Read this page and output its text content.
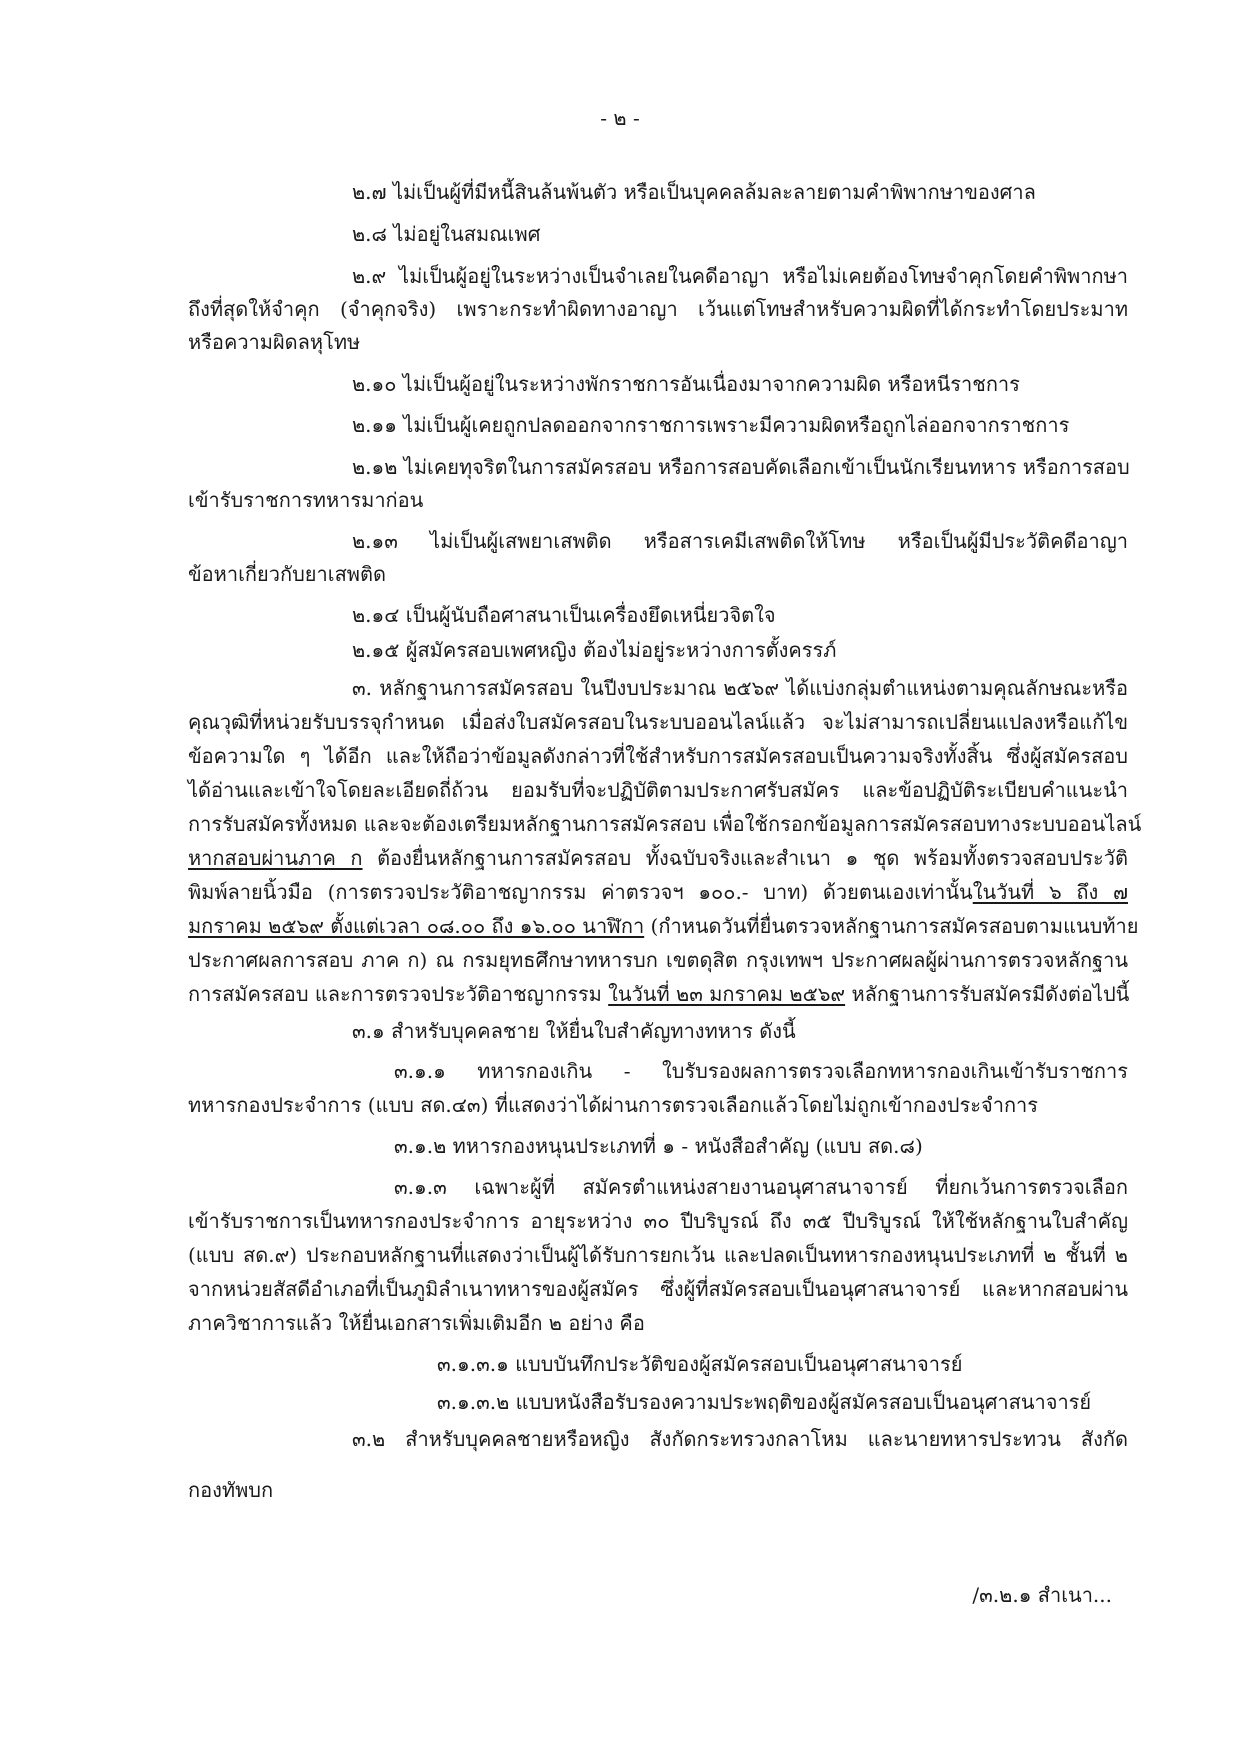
- ๒ -
๒.๗ ไม่เป็นผู้ที่มีหนี้สินล้นพ้นตัว หรือเป็นบุคคลล้มละลายตามคำพิพากษาของศาล
๒.๘ ไม่อยู่ในสมณเพศ
๒.๙ ไม่เป็นผู้อยู่ในระหว่างเป็นจำเลยในคดีอาญา หรือไม่เคยต้องโทษจำคุกโดยคำพิพากษา
ถึงที่สุดให้จำคุก (จำคุกจริง) เพราะกระทำผิดทางอาญา เว้นแต่โทษสำหรับความผิดที่ได้กระทำโดยประมาท
หรือความผิดลหุโทษ
๒.๑๐ ไม่เป็นผู้อยู่ในระหว่างพักราชการอันเนื่องมาจากความผิด หรือหนีราชการ
๒.๑๑ ไม่เป็นผู้เคยถูกปลดออกจากราชการเพราะมีความผิดหรือถูกไล่ออกจากราชการ
๒.๑๒ ไม่เคยทุจริตในการสมัครสอบ หรือการสอบคัดเลือกเข้าเป็นนักเรียนทหาร หรือการสอบ
เข้ารับราชการทหารมาก่อน
๒.๑๓ ไม่เป็นผู้เสพยาเสพติด หรือสารเคมีเสพติดให้โทษ หรือเป็นผู้มีประวัติคดีอาญา
ข้อหาเกี่ยวกับยาเสพติด
๒.๑๔ เป็นผู้นับถือศาสนาเป็นเครื่องยึดเหนี่ยวจิตใจ
๒.๑๕ ผู้สมัครสอบเพศหญิง ต้องไม่อยู่ระหว่างการตั้งครรภ์
๓. หลักฐานการสมัครสอบ ในปีงบประมาณ ๒๕๖๙ ได้แบ่งกลุ่มตำแหน่งตามคุณลักษณะหรือ
คุณวุฒิที่หน่วยรับบรรจุกำหนด เมื่อส่งใบสมัครสอบในระบบออนไลน์แล้ว จะไม่สามารถเปลี่ยนแปลงหรือแก้ไข
ข้อความใด ๆ ได้อีก และให้ถือว่าข้อมูลดังกล่าวที่ใช้สำหรับการสมัครสอบเป็นความจริงทั้งสิ้น ซึ่งผู้สมัครสอบ
ได้อ่านและเข้าใจโดยละเอียดถี่ถ้วน ยอมรับที่จะปฏิบัติตามประกาศรับสมัคร และข้อปฏิบัติระเบียบคำแนะนำ
การรับสมัครทั้งหมด และจะต้องเตรียมหลักฐานการสมัครสอบ เพื่อใช้กรอกข้อมูลการสมัครสอบทางระบบออนไลน์
หากสอบผ่านภาค ก ต้องยื่นหลักฐานการสมัครสอบ ทั้งฉบับจริงและสำเนา ๑ ชุด พร้อมทั้งตรวจสอบประวัติ
พิมพ์ลายนิ้วมือ (การตรวจประวัติอาชญากรรม ค่าตรวจฯ ๑๐๐.- บาท) ด้วยตนเองเท่านั้นในวันที่ ๖ ถึง ๗
มกราคม ๒๕๖๙ ตั้งแต่เวลา ๐๘.๐๐ ถึง ๑๖.๐๐ นาฬิกา (กำหนดวันที่ยื่นตรวจหลักฐานการสมัครสอบตามแนบท้าย
ประกาศผลการสอบ ภาค ก) ณ กรมยุทธศึกษาทหารบก เขตดุสิต กรุงเทพฯ ประกาศผลผู้ผ่านการตรวจหลักฐาน
การสมัครสอบ และการตรวจประวัติอาชญากรรม ในวันที่ ๒๓ มกราคม ๒๕๖๙ หลักฐานการรับสมัครมีดังต่อไปนี้
๓.๑ สำหรับบุคคลชาย ให้ยื่นใบสำคัญทางทหาร ดังนี้
๓.๑.๑ ทหารกองเกิน - ใบรับรองผลการตรวจเลือกทหารกองเกินเข้ารับราชการ
ทหารกองประจำการ (แบบ สด.๔๓) ที่แสดงว่าได้ผ่านการตรวจเลือกแล้วโดยไม่ถูกเข้ากองประจำการ
๓.๑.๒ ทหารกองหนุนประเภทที่ ๑ - หนังสือสำคัญ (แบบ สด.๘)
๓.๑.๓ เฉพาะผู้ที่ สมัครตำแหน่งสายงานอนุศาสนาจารย์ ที่ยกเว้นการตรวจเลือก
เข้ารับราชการเป็นทหารกองประจำการ อายุระหว่าง ๓๐ ปีบริบูรณ์ ถึง ๓๕ ปีบริบูรณ์ ให้ใช้หลักฐานใบสำคัญ
(แบบ สด.๙) ประกอบหลักฐานที่แสดงว่าเป็นผู้ได้รับการยกเว้น และปลดเป็นทหารกองหนุนประเภทที่ ๒ ชั้นที่ ๒
จากหน่วยสัสดีอำเภอที่เป็นภูมิลำเนาทหารของผู้สมัคร ซึ่งผู้ที่สมัครสอบเป็นอนุศาสนาจารย์ และหากสอบผ่าน
ภาควิชาการแล้ว ให้ยื่นเอกสารเพิ่มเติมอีก ๒ อย่าง คือ
๓.๑.๓.๑ แบบบันทึกประวัติของผู้สมัครสอบเป็นอนุศาสนาจารย์
๓.๑.๓.๒ แบบหนังสือรับรองความประพฤติของผู้สมัครสอบเป็นอนุศาสนาจารย์
๓.๒ สำหรับบุคคลชายหรือหญิง สังกัดกระทรวงกลาโหม และนายทหารประทวน สังกัด
กองทัพบก
/๓.๒.๑ สำเนา...
